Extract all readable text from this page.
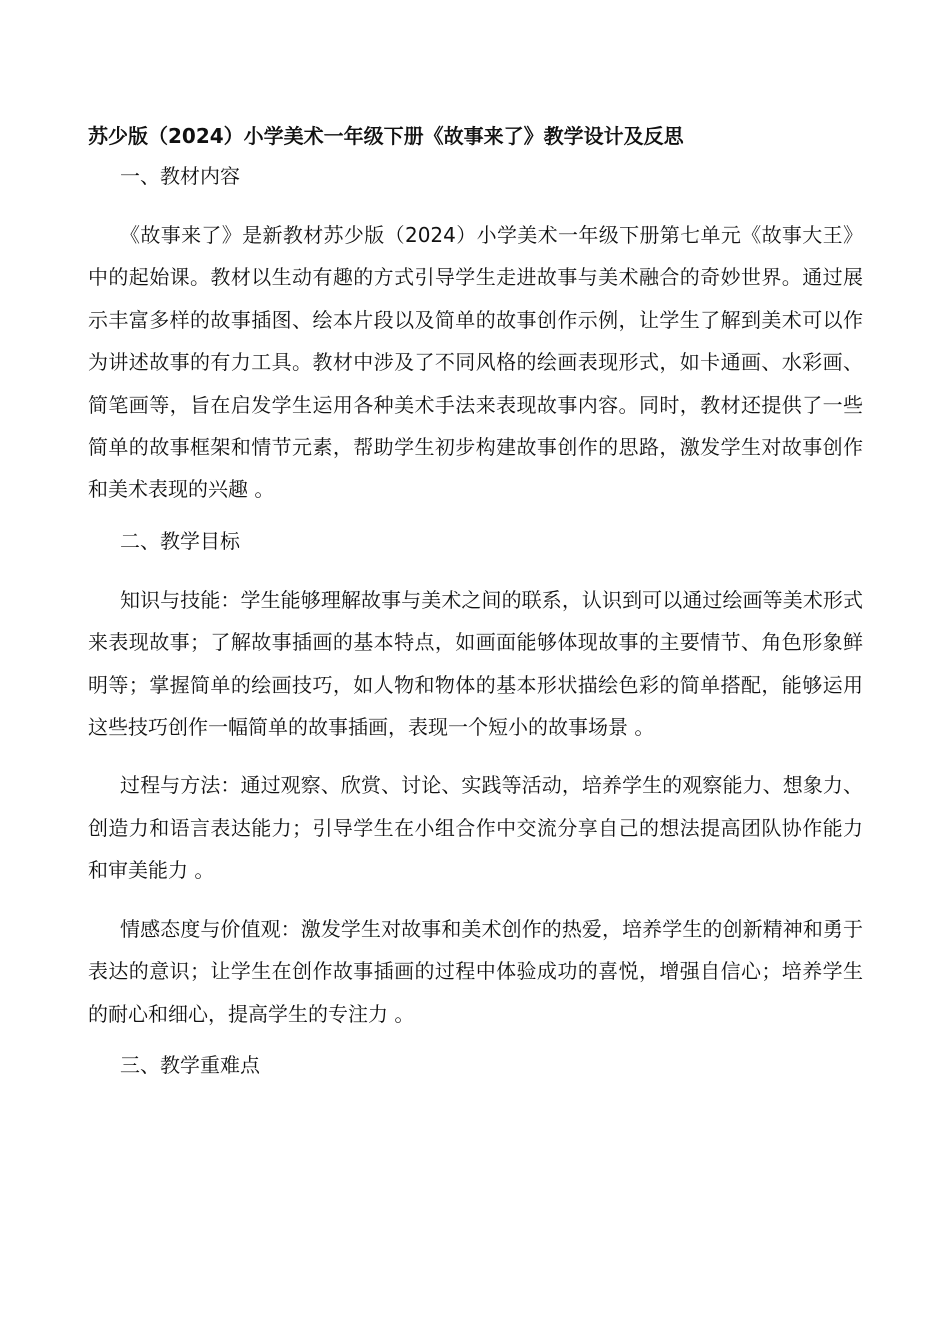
苏少版（2024）小学美术一年级下册《故事来了》教学设计及反思
一、教材内容
《故事来了》是新教材苏少版（2024）小学美术一年级下册第七单元《故事大王》中的起始课。教材以生动有趣的方式引导学生走进故事与美术融合的奇妙世界。通过展示丰富多样的故事插图、绘本片段以及简单的故事创作示例，让学生了解到美术可以作为讲述故事的有力工具。教材中涉及了不同风格的绘画表现形式，如卡通画、水彩画、简笔画等，旨在启发学生运用各种美术手法来表现故事内容。同时，教材还提供了一些简单的故事框架和情节元素，帮助学生初步构建故事创作的思路，激发学生对故事创作和美术表现的兴趣 。
二、教学目标
知识与技能：学生能够理解故事与美术之间的联系，认识到可以通过绘画等美术形式来表现故事；了解故事插画的基本特点，如画面能够体现故事的主要情节、角色形象鲜明等；掌握简单的绘画技巧，如人物和物体的基本形状描绘色彩的简单搭配，能够运用这些技巧创作一幅简单的故事插画，表现一个短小的故事场景 。
过程与方法：通过观察、欣赏、讨论、实践等活动，培养学生的观察能力、想象力、创造力和语言表达能力；引导学生在小组合作中交流分享自己的想法提高团队协作能力和审美能力 。
情感态度与价值观：激发学生对故事和美术创作的热爱，培养学生的创新精神和勇于表达的意识；让学生在创作故事插画的过程中体验成功的喜悦，增强自信心；培养学生的耐心和细心，提高学生的专注力 。
三、教学重难点
